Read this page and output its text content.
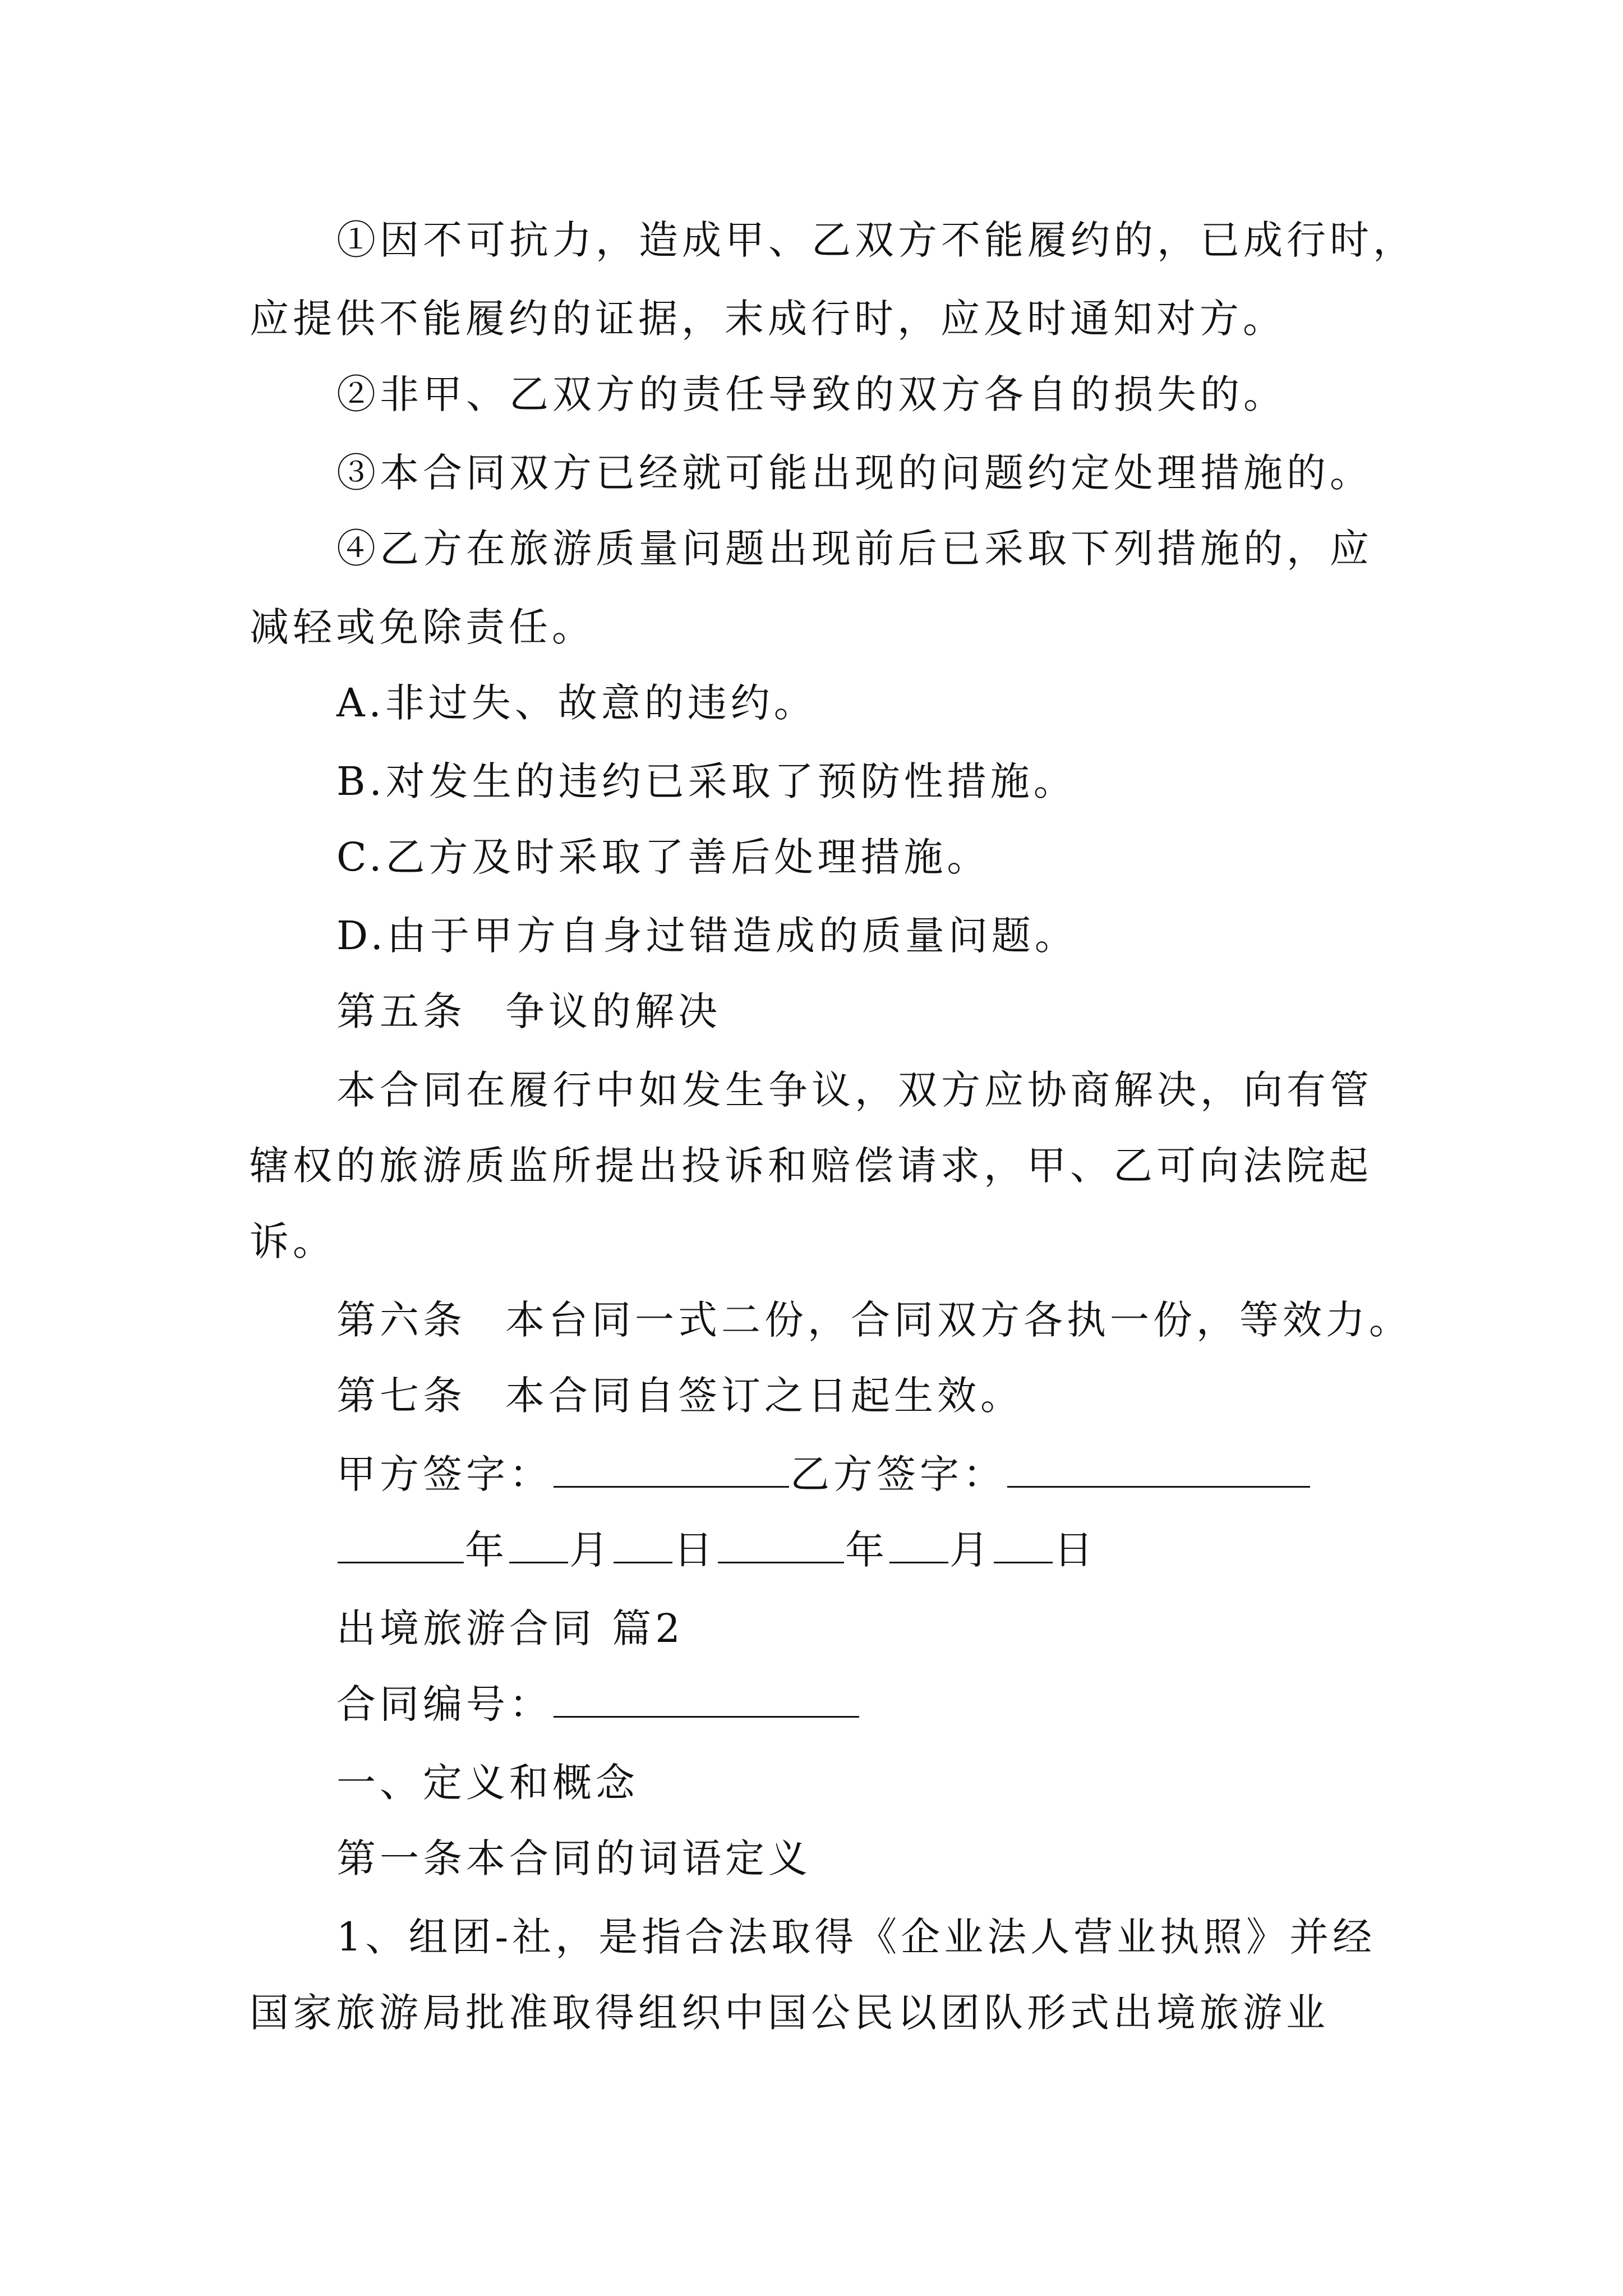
①因不可抗力，造成甲、乙双方不能履约的，已成行时，
应提供不能履约的证据，末成行时，应及时通知对方。
②非甲、乙双方的责任导致的双方各自的损失的。
③本合同双方已经就可能出现的问题约定处理措施的。
④乙方在旅游质量问题出现前后已采取下列措施的，应
减轻或免除责任。
A.非过失、故意的违约。
B.对发生的违约已采取了预防性措施。
C.乙方及时采取了善后处理措施。
D.由于甲方自身过错造成的质量问题。
第五条 争议的解决
本合同在履行中如发生争议，双方应协商解决，向有管
辖权的旅游质监所提出投诉和赔偿请求，甲、乙可向法院起
诉。
第六条 本台同一式二份，合同双方各执一份，等效力。
第七条 本合同自签订之日起生效。
甲方签字：	乙方签字：
年 月 日	年 月 日
出境旅游合同 篇2
合同编号：
一、定义和概念
第一条本合同的词语定义
1、组团-社，是指合法取得《企业法人营业执照》并经
国家旅游局批准取得组织中国公民以团队形式出境旅游业
